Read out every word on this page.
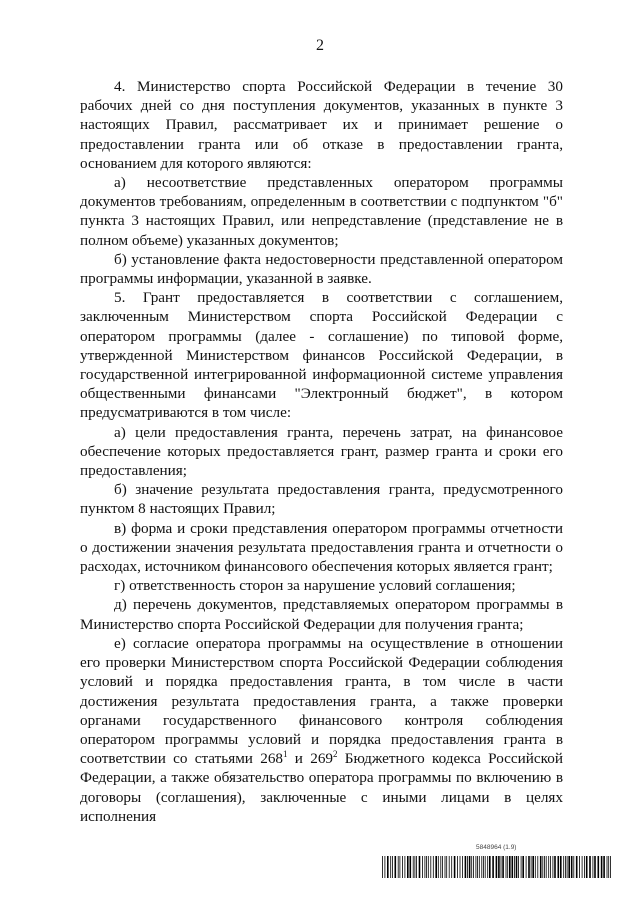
2

4. Министерство спорта Российской Федерации в течение 30 рабочих дней со дня поступления документов, указанных в пункте 3 настоящих Правил, рассматривает их и принимает решение о предоставлении гранта или об отказе в предоставлении гранта, основанием для которого являются:

а) несоответствие представленных оператором программы документов требованиям, определенным в соответствии с подпунктом "б" пункта 3 настоящих Правил, или непредставление (представление не в полном объеме) указанных документов;

б) установление факта недостоверности представленной оператором программы информации, указанной в заявке.

5. Грант предоставляется в соответствии с соглашением, заключенным Министерством спорта Российской Федерации с оператором программы (далее - соглашение) по типовой форме, утвержденной Министерством финансов Российской Федерации, в государственной интегрированной информационной системе управления общественными финансами "Электронный бюджет", в котором предусматриваются в том числе:

а) цели предоставления гранта, перечень затрат, на финансовое обеспечение которых предоставляется грант, размер гранта и сроки его предоставления;

б) значение результата предоставления гранта, предусмотренного пунктом 8 настоящих Правил;

в) форма и сроки представления оператором программы отчетности о достижении значения результата предоставления гранта и отчетности о расходах, источником финансового обеспечения которых является грант;

г) ответственность сторон за нарушение условий соглашения;

д) перечень документов, представляемых оператором программы в Министерство спорта Российской Федерации для получения гранта;

е) согласие оператора программы на осуществление в отношении его проверки Министерством спорта Российской Федерации соблюдения условий и порядка предоставления гранта, в том числе в части достижения результата предоставления гранта, а также проверки органами государственного финансового контроля соблюдения оператором программы условий и порядка предоставления гранта в соответствии со статьями $268^1$ и $269^2$ Бюджетного кодекса Российской Федерации, а также обязательство оператора программы по включению в договоры (соглашения), заключенные с иными лицами в целях исполнения

5848964 (1.9)
